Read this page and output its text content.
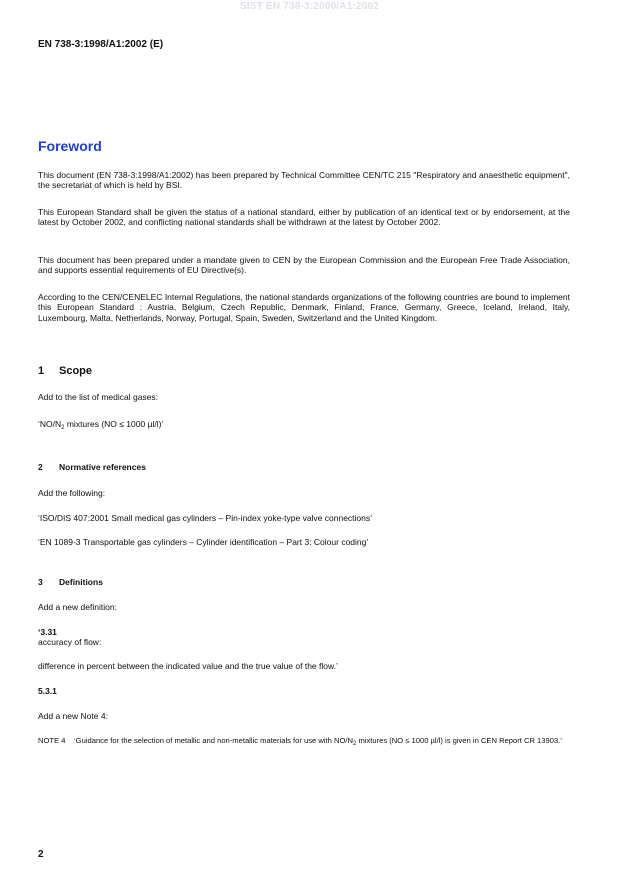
SIST EN 738-3:2000/A1:2002
EN 738-3:1998/A1:2002 (E)
Foreword

This document (EN 738-3:1998/A1:2002) has been prepared by Technical Committee CEN/TC 215 "Respiratory and anaesthetic equipment", the secretariat of which is held by BSI.

This European Standard shall be given the status of a national standard, either by publication of an identical text or by endorsement, at the latest by October 2002, and conflicting national standards shall be withdrawn at the latest by October 2002.

This document has been prepared under a mandate given to CEN by the European Commission and the European Free Trade Association, and supports essential requirements of EU Directive(s).

According to the CEN/CENELEC Internal Regulations, the national standards organizations of the following countries are bound to implement this European Standard : Austria, Belgium, Czech Republic, Denmark, Finland, France, Germany, Greece, Iceland, Ireland, Italy, Luxembourg, Malta, Netherlands, Norway, Portugal, Spain, Sweden, Switzerland and the United Kingdom.

1 Scope
Add to the list of medical gases:
‘$NO/N_2$ mixtures (NO ≤ 1000 µl/l)’
2 Normative references
Add the following:
‘ISO/DIS 407:2001 Small medical gas cylinders – Pin-index yoke-type valve connections’
‘EN 1089-3 Transportable gas cylinders – Cylinder identification – Part 3: Colour coding’
3 Definitions
Add a new definition:
‘3.31
accuracy of flow:
difference in percent between the indicated value and the true value of the flow.’
5.3.1
Add a new Note 4:
NOTE 4 ‘Guidance for the selection of metallic and non-metallic materials for use with $NO/N_2$ mixtures (NO ≤ 1000 µl/l) is given in CEN Report CR 13903.’
2
